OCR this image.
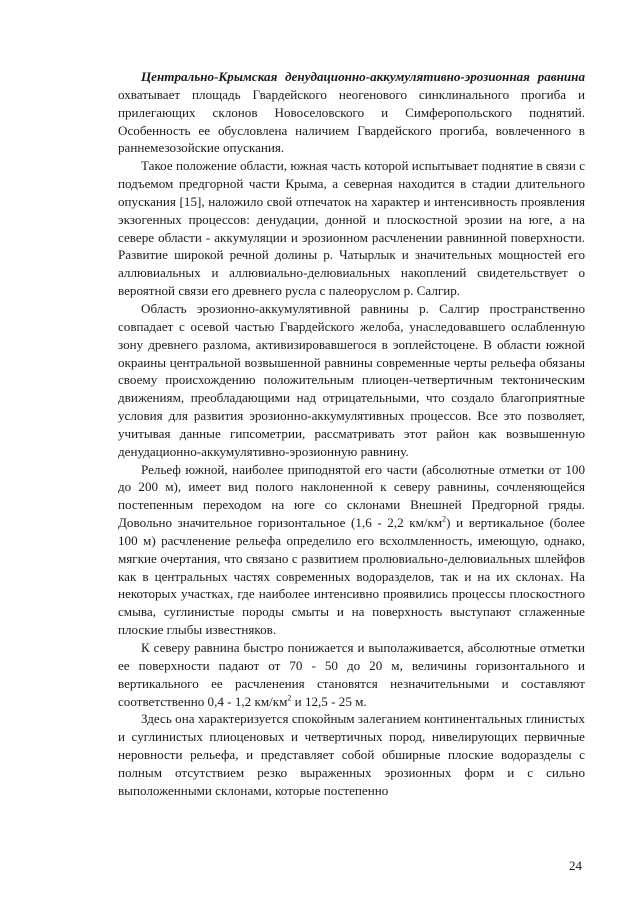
Центрально-Крымская денудационно-аккумулятивно-эрозионная равнина охватывает площадь Гвардейского неогенового синклинального прогиба и прилегающих склонов Новоселовского и Симферопольского поднятий. Особенность ее обусловлена наличием Гвардейского прогиба, вовлеченного в раннемезозойские опускания.

Такое положение области, южная часть которой испытывает поднятие в связи с подъемом предгорной части Крыма, а северная находится в стадии длительного опускания [15], наложило свой отпечаток на характер и интенсивность проявления экзогенных процессов: денудации, донной и плоскостной эрозии на юге, а на севере области - аккумуляции и эрозионном расчленении равнинной поверхности. Развитие широкой речной долины р. Чатырлык и значительных мощностей его аллювиальных и аллювиально-делювиальных накоплений свидетельствует о вероятной связи его древнего русла с палеоруслом р. Салгир.

Область эрозионно-аккумулятивной равнины р. Салгир пространственно совпадает с осевой частью Гвардейского желоба, унаследовавшего ослабленную зону древнего разлома, активизировавшегося в эоплейстоцене. В области южной окраины центральной возвышенной равнины современные черты рельефа обязаны своему происхождению положительным плиоцен-четвертичным тектоническим движениям, преобладающими над отрицательными, что создало благоприятные условия для развития эрозионно-аккумулятивных процессов. Все это позволяет, учитывая данные гипсометрии, рассматривать этот район как возвышенную денудационно-аккумулятивно-эрозионную равнину.

Рельеф южной, наиболее приподнятой его части (абсолютные отметки от 100 до 200 м), имеет вид полого наклоненной к северу равнины, сочленяющейся постепенным переходом на юге со склонами Внешней Предгорной гряды. Довольно значительное горизонтальное (1,6 - 2,2 $км/км^2$) и вертикальное (более 100 м) расчленение рельефа определило его всхолмленность, имеющую, однако, мягкие очертания, что связано с развитием пролювиально-делювиальных шлейфов как в центральных частях современных водоразделов, так и на их склонах. На некоторых участках, где наиболее интенсивно проявились процессы плоскостного смыва, суглинистые породы смыты и на поверхность выступают сглаженные плоские глыбы известняков.

К северу равнина быстро понижается и выполаживается, абсолютные отметки ее поверхности падают от 70 - 50 до 20 м, величины горизонтального и вертикального ее расчленения становятся незначительными и составляют соответственно 0,4 - 1,2 $км/км^2$ и 12,5 - 25 м.

Здесь она характеризуется спокойным залеганием континентальных глинистых и суглинистых плиоценовых и четвертичных пород, нивелирующих первичные неровности рельефа, и представляет собой обширные плоские водоразделы с полным отсутствием резко выраженных эрозионных форм и с сильно выположенными склонами, которые постепенно

24
